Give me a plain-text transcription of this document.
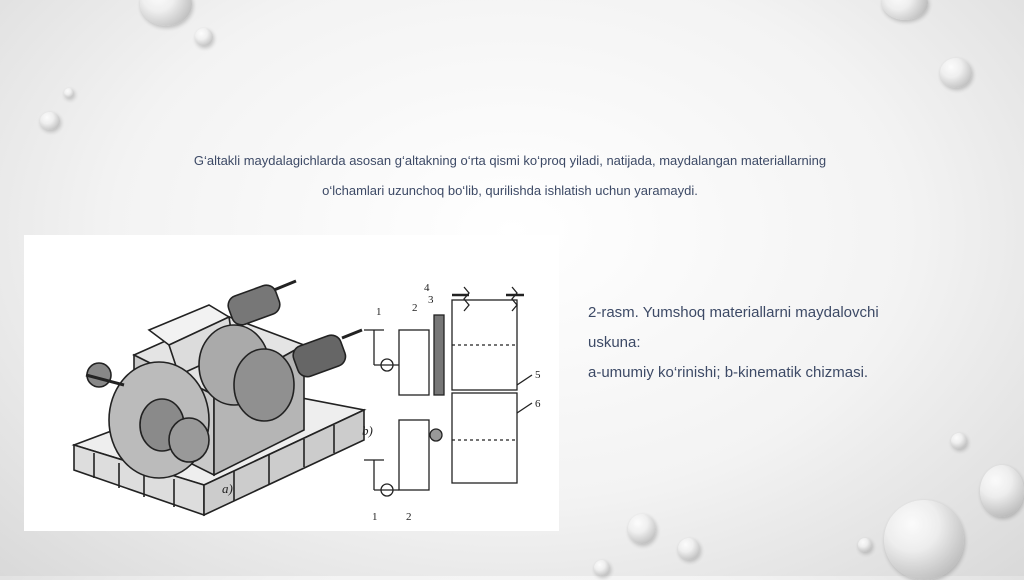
G‘altakli maydalagichlarda asosan g‘altakning o‘rta qismi ko‘proq yiladi, natijada, maydalangan materiallarning
o‘lchamlari uzunchoq bo‘lib, qurilishda ishlatish uchun yaramaydi.
a)
b)
1	2
3
4
5
6
1	2

2-rasm. Yumshoq materiallarni maydalovchi

uskuna:

a-umumiy ko‘rinishi; b-kinematik chizmasi.
